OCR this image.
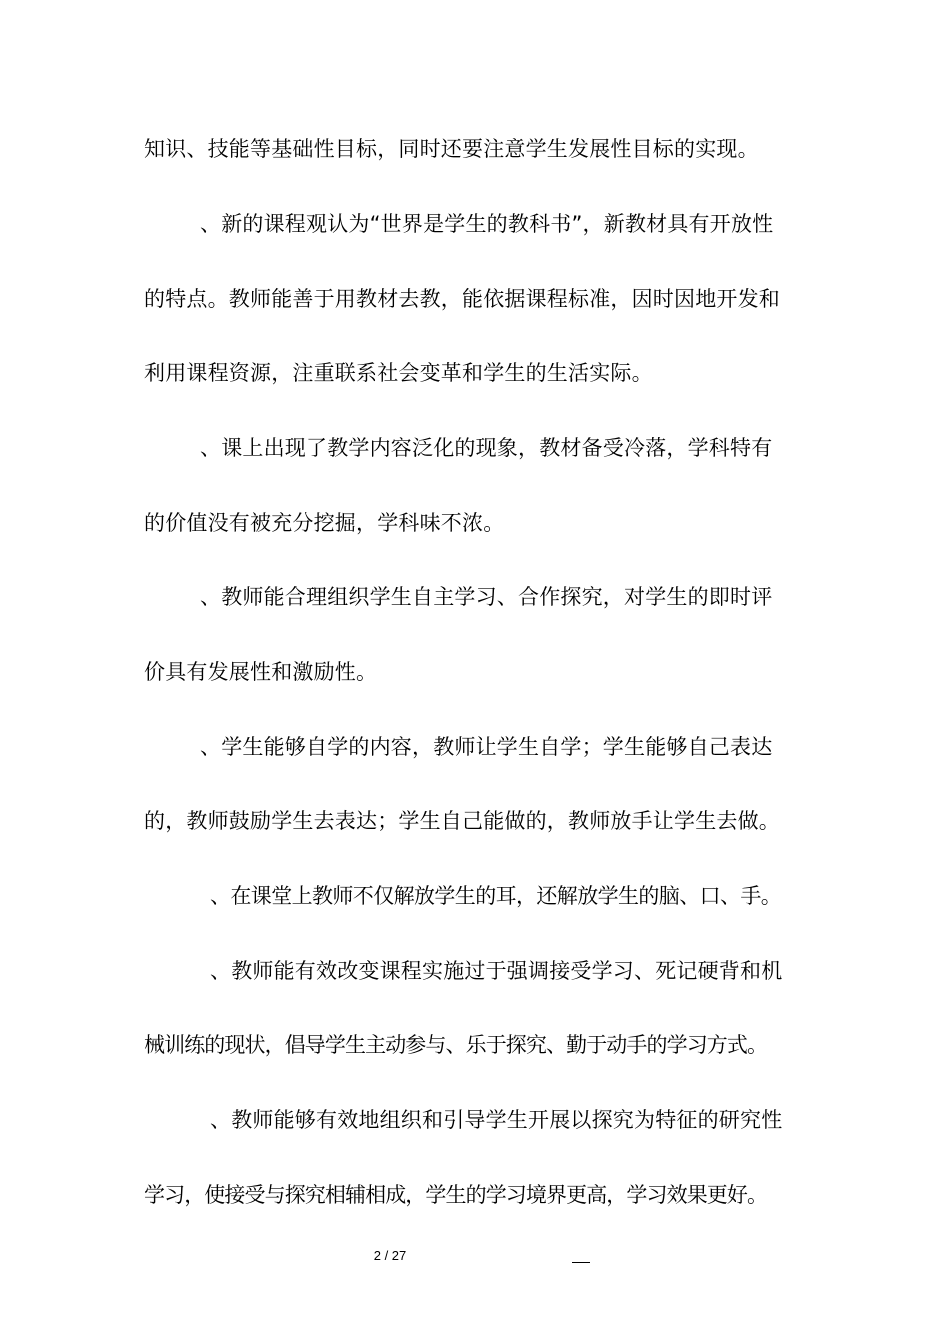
知识、技能等基础性目标，同时还要注意学生发展性目标的实现。
、新的课程观认为“世界是学生的教科书”，新教材具有开放性
的特点。教师能善于用教材去教，能依据课程标准，因时因地开发和
利用课程资源，注重联系社会变革和学生的生活实际。
、课上出现了教学内容泛化的现象，教材备受冷落，学科特有
的价值没有被充分挖掘，学科味不浓。
、教师能合理组织学生自主学习、合作探究，对学生的即时评
价具有发展性和激励性。
、学生能够自学的内容，教师让学生自学；学生能够自己表达
的，教师鼓励学生去表达；学生自己能做的，教师放手让学生去做。
、在课堂上教师不仅解放学生的耳，还解放学生的脑、口、手。
、教师能有效改变课程实施过于强调接受学习、死记硬背和机
械训练的现状，倡导学生主动参与、乐于探究、勤于动手的学习方式。
、教师能够有效地组织和引导学生开展以探究为特征的研究性
学习，使接受与探究相辅相成，学生的学习境界更高，学习效果更好。
2 / 27
